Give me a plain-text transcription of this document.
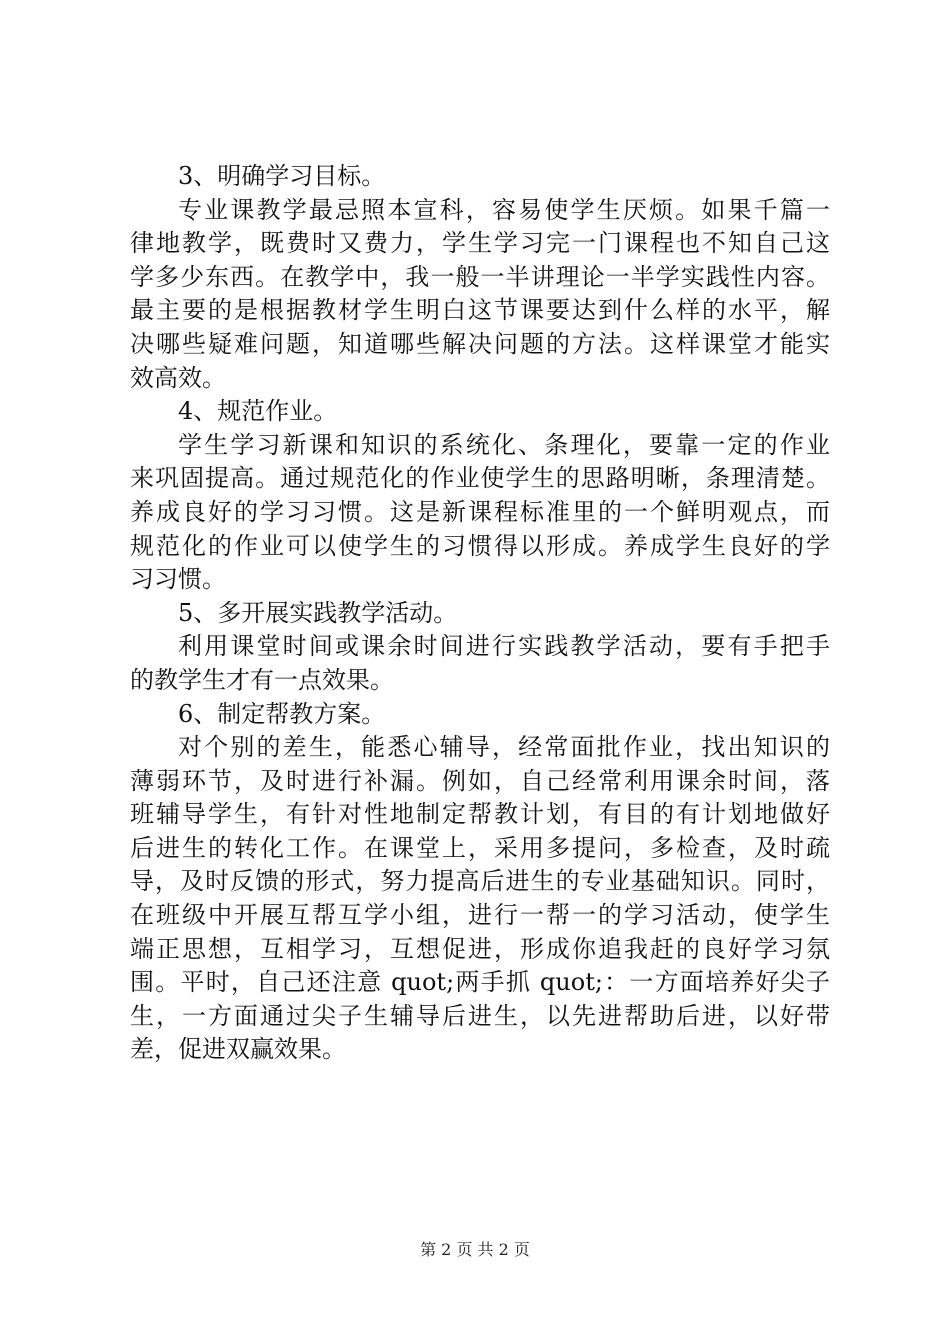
3、明确学习目标。
专业课教学最忌照本宣科，容易使学生厌烦。如果千篇一
律地教学，既费时又费力，学生学习完一门课程也不知自己这
学多少东西。在教学中，我一般一半讲理论一半学实践性内容。
最主要的是根据教材学生明白这节课要达到什么样的水平，解
决哪些疑难问题，知道哪些解决问题的方法。这样课堂才能实
效高效。
4、规范作业。
学生学习新课和知识的系统化、条理化，要靠一定的作业
来巩固提高。通过规范化的作业使学生的思路明晰，条理清楚。
养成良好的学习习惯。这是新课程标准里的一个鲜明观点，而
规范化的作业可以使学生的习惯得以形成。养成学生良好的学
习习惯。
5、多开展实践教学活动。
利用课堂时间或课余时间进行实践教学活动，要有手把手
的教学生才有一点效果。
6、制定帮教方案。
对个别的差生，能悉心辅导，经常面批作业，找出知识的
薄弱环节，及时进行补漏。例如，自己经常利用课余时间，落
班辅导学生，有针对性地制定帮教计划，有目的有计划地做好
后进生的转化工作。在课堂上，采用多提问，多检查，及时疏
导，及时反馈的形式，努力提高后进生的专业基础知识。同时，
在班级中开展互帮互学小组，进行一帮一的学习活动，使学生
端正思想，互相学习，互想促进，形成你追我赶的良好学习氛
围。平时，自己还注意 quot;两手抓 quot;：一方面培养好尖子
生，一方面通过尖子生辅导后进生，以先进帮助后进，以好带
差，促进双赢效果。
第 2 页 共 2 页
